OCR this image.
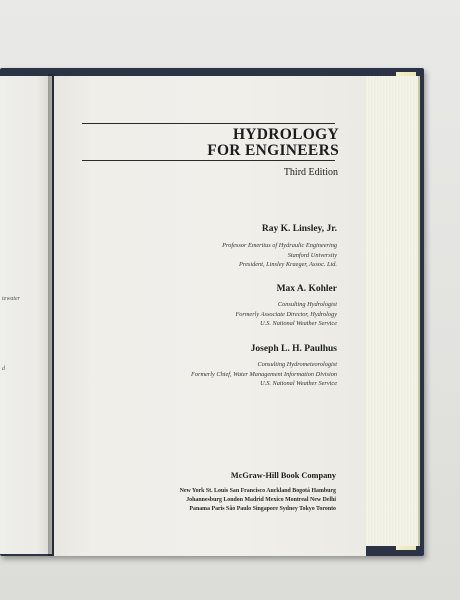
tewater
d
HYDROLOGY
FOR ENGINEERS
Third Edition
Ray K. Linsley, Jr.
Professor Emeritus of Hydraulic Engineering
Stanford University
President, Linsley Kraeger, Assoc. Ltd.
Max A. Kohler
Consulting Hydrologist
Formerly Associate Director, Hydrology
U.S. National Weather Service
Joseph L. H. Paulhus
Consulting Hydrometeorologist
Formerly Chief, Water Management Information Division
U.S. National Weather Service
McGraw-Hill Book Company
New York St. Louis San Francisco Auckland Bogotá Hamburg
Johannesburg London Madrid Mexico Montreal New Delhi
Panama Paris São Paulo Singapore Sydney Tokyo Toronto
